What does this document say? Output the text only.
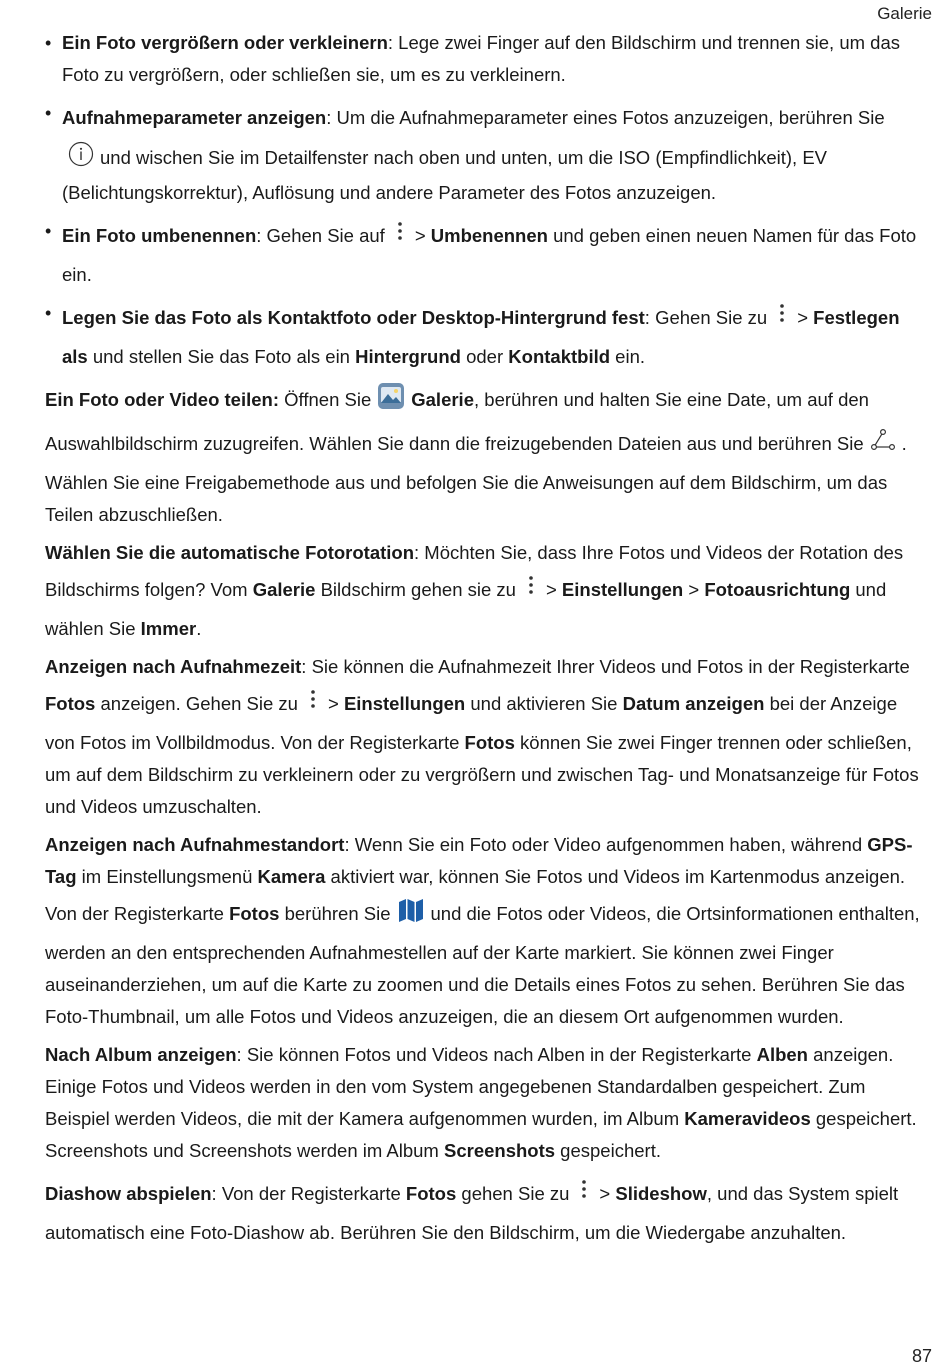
Galerie
• Ein Foto vergrößern oder verkleinern: Lege zwei Finger auf den Bildschirm und trennen sie, um das Foto zu vergrößern, oder schließen sie, um es zu verkleinern.
• Aufnahmeparameter anzeigen: Um die Aufnahmeparameter eines Fotos anzuzeigen, berühren Sieund wischen Sie im Detailfenster nach oben und unten, um die ISO (Empfindlichkeit), EV (Belichtungskorrektur), Auflösung und andere Parameter des Fotos anzuzeigen.
• Ein Foto umbenennen: Gehen Sie auf > Umbenennen und geben einen neuen Namen für das Foto ein.
• Legen Sie das Foto als Kontaktfoto oder Desktop-Hintergrund fest: Gehen Sie zu > Festlegen als und stellen Sie das Foto als ein Hintergrund oder Kontaktbild ein.
Ein Foto oder Video teilen: Öffnen Sie Galerie, berühren und halten Sie eine Date, um auf den Auswahlbildschirm zuzugreifen. Wählen Sie dann die freizugebenden Dateien aus und berühren Sie . Wählen Sie eine Freigabemethode aus und befolgen Sie die Anweisungen auf dem Bildschirm, um das Teilen abzuschließen.
Wählen Sie die automatische Fotorotation: Möchten Sie, dass Ihre Fotos und Videos der Rotation des Bildschirms folgen? Vom Galerie Bildschirm gehen sie zu > Einstellungen > Fotoausrichtung und wählen Sie Immer.
Anzeigen nach Aufnahmezeit: Sie können die Aufnahmezeit Ihrer Videos und Fotos in der Registerkarte Fotos anzeigen. Gehen Sie zu > Einstellungen und aktivieren Sie Datum anzeigen bei der Anzeige von Fotos im Vollbildmodus. Von der Registerkarte Fotos können Sie zwei Finger trennen oder schließen, um auf dem Bildschirm zu verkleinern oder zu vergrößern und zwischen Tag- und Monatsanzeige für Fotos und Videos umzuschalten.
Anzeigen nach Aufnahmestandort: Wenn Sie ein Foto oder Video aufgenommen haben, während GPS-Tag im Einstellungsmenü Kamera aktiviert war, können Sie Fotos und Videos im Kartenmodus anzeigen. Von der Registerkarte Fotos berühren Sie und die Fotos oder Videos, die Ortsinformationen enthalten, werden an den entsprechenden Aufnahmestellen auf der Karte markiert. Sie können zwei Finger auseinanderziehen, um auf die Karte zu zoomen und die Details eines Fotos zu sehen. Berühren Sie das Foto-Thumbnail, um alle Fotos und Videos anzuzeigen, die an diesem Ort aufgenommen wurden.
Nach Album anzeigen: Sie können Fotos und Videos nach Alben in der Registerkarte Alben anzeigen. Einige Fotos und Videos werden in den vom System angegebenen Standardalben gespeichert. Zum Beispiel werden Videos, die mit der Kamera aufgenommen wurden, im Album Kameravideos gespeichert. Screenshots und Screenshots werden im Album Screenshots gespeichert.
Diashow abspielen: Von der Registerkarte Fotos gehen Sie zu > Slideshow, und das System spielt automatisch eine Foto-Diashow ab. Berühren Sie den Bildschirm, um die Wiedergabe anzuhalten.
87
